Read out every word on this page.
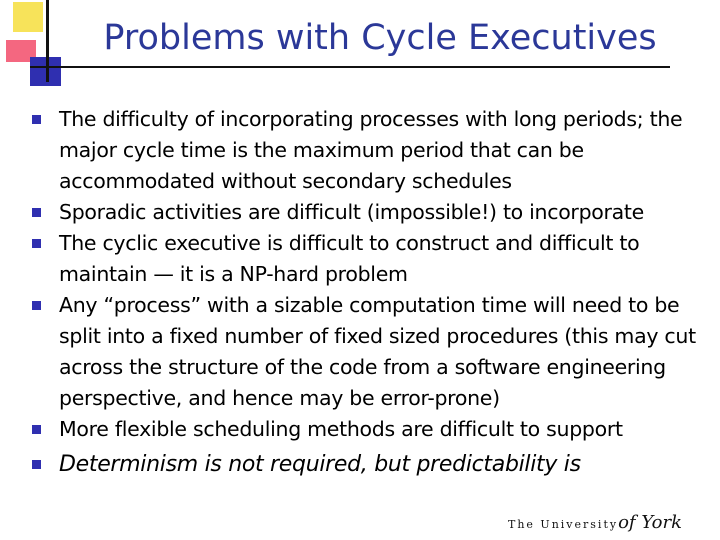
Problems with Cycle Executives
The difficulty of incorporating processes with long periods; the major cycle time is the maximum period that can be accommodated without secondary schedules
Sporadic activities are difficult (impossible!) to incorporate
The cyclic executive is difficult to construct and difficult to maintain — it is a NP-hard problem
Any “process” with a sizable computation time will need to be split into a fixed number of fixed sized procedures (this may cut across the structure of the code from a software engineering perspective, and hence may be error-prone)
More flexible scheduling methods are difficult to support
Determinism is not required, but predictability is
The Universityof York
